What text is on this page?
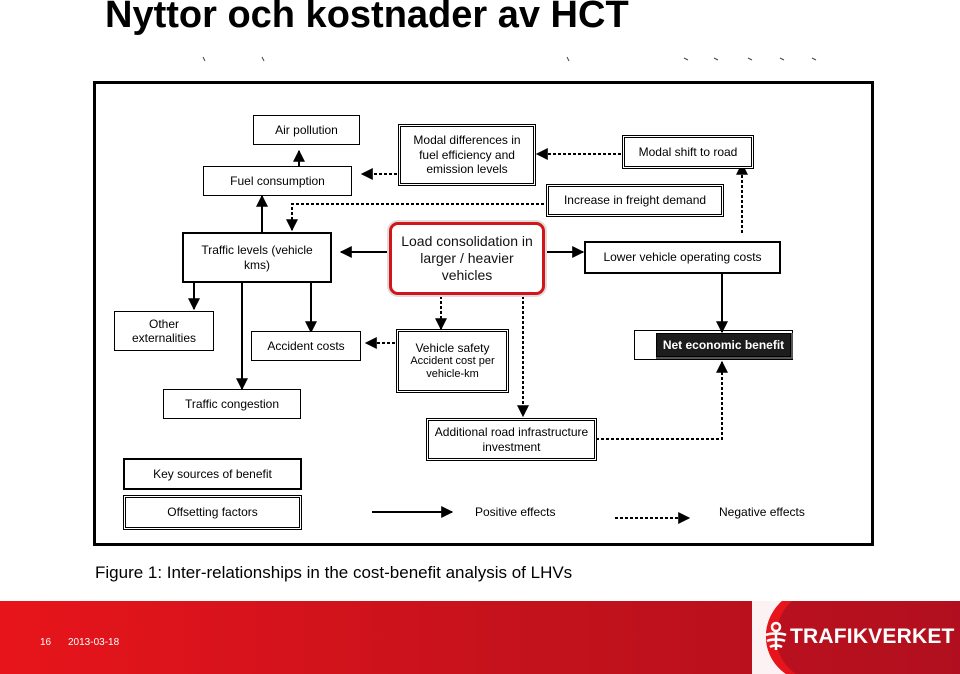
Nyttor och kostnader av HCT
Air pollution
Modal differences in fuel efficiency and emission levels
Modal shift to road
Fuel consumption
Increase in freight demand
Traffic levels (vehicle kms)
Load consolidation in larger / heavier vehicles
Lower vehicle operating costs
Other externalities
Accident costs	Vehicle safety
Accident cost per vehicle-km
Net economic benefit
Traffic congestion
Additional road infrastructure investment
Key sources of benefit
Offsetting factors	Positive effects	Negative effects
Figure 1: Inter-relationships in the cost-benefit analysis of LHVs
16 2013-03-18	TRAFIKVERKET
